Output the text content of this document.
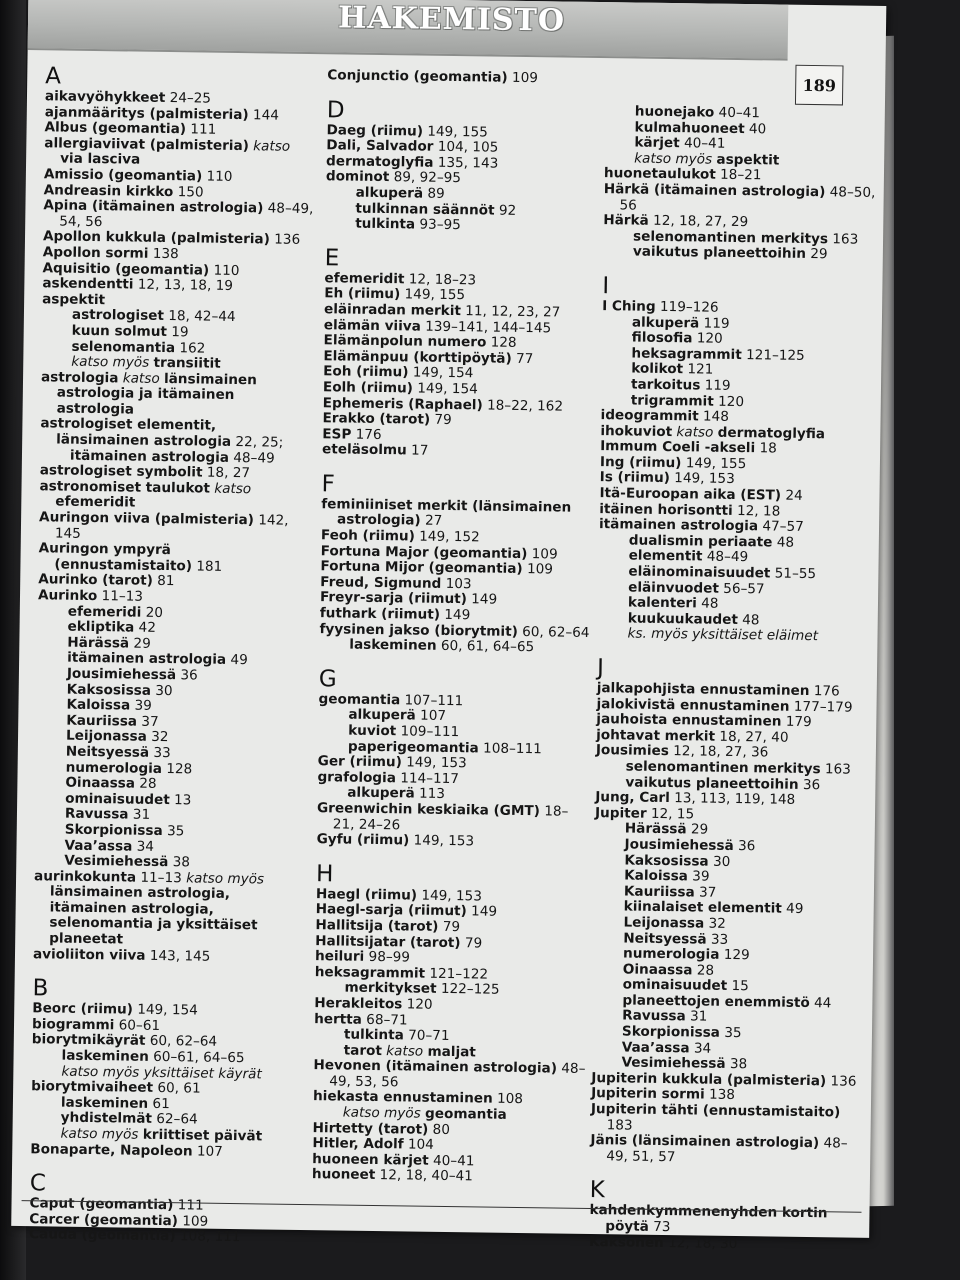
HAKEMISTO
189
A
aikavyöhykkeet 24–25
ajanmääritys (palmisteria) 144
Albus (geomantia) 111
allergiaviivat (palmisteria) katso via lasciva
Amissio (geomantia) 110
Andreasin kirkko 150
Apina (itämainen astrologia) 48–49, 54, 56
Apollon kukkula (palmisteria) 136
Apollon sormi 138
Aquisitio (geomantia) 110
askendentti 12, 13, 18, 19
aspektit
astrologiset 18, 42–44
kuun solmut 19
selenomantia 162
katso myös transiitit
astrologia katso länsimainen astrologia ja itämainen astrologia
astrologiset elementit, länsimainen astrologia 22, 25;
itämainen astrologia 48–49
astrologiset symbolit 18, 27
astronomiset taulukot katso efemeridit
Auringon viiva (palmisteria) 142, 145
Auringon ympyrä (ennustamistaito) 181
Aurinko (tarot) 81
Aurinko 11–13
efemeridi 20
ekliptika 42
Härässä 29
itämainen astrologia 49
Jousimiehessä 36
Kaksosissa 30
Kaloissa 39
Kauriissa 37
Leijonassa 32
Neitsyessä 33
numerologia 128
Oinaassa 28
ominaisuudet 13
Ravussa 31
Skorpionissa 35
Vaa’assa 34
Vesimiehessä 38
aurinkokunta 11–13 katso myös länsimainen astrologia, itämainen astrologia, selenomantia ja yksittäiset planeetat
avioliiton viiva 143, 145
B
Beorc (riimu) 149, 154
biogrammi 60–61
biorytmikäyrät 60, 62–64
laskeminen 60–61, 64–65
katso myös yksittäiset käyrät
biorytmivaiheet 60, 61
laskeminen 61
yhdistelmät 62–64
katso myös kriittiset päivät
Bonaparte, Napoleon 107
C
Caput (geomantia) 111
Carcer (geomantia) 109
Cauda (geomantia) 108, 111
Conjunctio (geomantia) 109
D
Daeg (riimu) 149, 155
Dali, Salvador 104, 105
dermatoglyfia 135, 143
dominot 89, 92–95
alkuperä 89
tulkinnan säännöt 92
tulkinta 93–95
E
efemeridit 12, 18–23
Eh (riimu) 149, 155
eläinradan merkit 11, 12, 23, 27
elämän viiva 139–141, 144–145
Elämänpolun numero 128
Elämänpuu (korttipöytä) 77
Eoh (riimu) 149, 154
Eolh (riimu) 149, 154
Ephemeris (Raphael) 18–22, 162
Erakko (tarot) 79
ESP 176
eteläsolmu 17
F
feminiiniset merkit (länsimainen astrologia) 27
Feoh (riimu) 149, 152
Fortuna Major (geomantia) 109
Fortuna Mijor (geomantia) 109
Freud, Sigmund 103
Freyr-sarja (riimut) 149
futhark (riimut) 149
fyysinen jakso (biorytmit) 60, 62–64
laskeminen 60, 61, 64–65
G
geomantia 107–111
alkuperä 107
kuviot 109–111
paperigeomantia 108–111
Ger (riimu) 149, 153
grafologia 114–117
alkuperä 113
Greenwichin keskiaika (GMT) 18–21, 24–26
Gyfu (riimu) 149, 153
H
Haegl (riimu) 149, 153
Haegl-sarja (riimut) 149
Hallitsija (tarot) 79
Hallitsijatar (tarot) 79
heiluri 98–99
heksagrammit 121–122
merkitykset 122–125
Herakleitos 120
hertta 68–71
tulkinta 70–71
tarot katso maljat
Hevonen (itämainen astrologia) 48–49, 53, 56
hiekasta ennustaminen 108
katso myös geomantia
Hirtetty (tarot) 80
Hitler, Adolf 104
huoneen kärjet 40–41
huoneet 12, 18, 40–41
huonejako 40–41
kulmahuoneet 40
kärjet 40–41
katso myös aspektit
huonetaulukot 18–21
Härkä (itämainen astrologia) 48–50, 56
Härkä 12, 18, 27, 29
selenomantinen merkitys 163
vaikutus planeettoihin 29
I
I Ching 119–126
alkuperä 119
filosofia 120
heksagrammit 121–125
kolikot 121
tarkoitus 119
trigrammit 120
ideogrammit 148
ihokuviot katso dermatoglyfia
Immum Coeli -akseli 18
Ing (riimu) 149, 155
Is (riimu) 149, 153
Itä-Euroopan aika (EST) 24
itäinen horisontti 12, 18
itämainen astrologia 47–57
dualismin periaate 48
elementit 48–49
eläinominaisuudet 51–55
eläinvuodet 56–57
kalenteri 48
kuukuukaudet 48
ks. myös yksittäiset eläimet
J
jalkapohjista ennustaminen 176
jalokivistä ennustaminen 177–179
jauhoista ennustaminen 179
johtavat merkit 18, 27, 40
Jousimies 12, 18, 27, 36
selenomantinen merkitys 163
vaikutus planeettoihin 36
Jung, Carl 13, 113, 119, 148
Jupiter 12, 15
Härässä 29
Jousimiehessä 36
Kaksosissa 30
Kaloissa 39
Kauriissa 37
kiinalaiset elementit 49
Leijonassa 32
Neitsyessä 33
numerologia 129
Oinaassa 28
ominaisuudet 15
planeettojen enemmistö 44
Ravussa 31
Skorpionissa 35
Vaa’assa 34
Vesimiehessä 38
Jupiterin kukkula (palmisteria) 136
Jupiterin sormi 138
Jupiterin tähti (ennustamistaito) 183
Jänis (länsimainen astrologia) 48–49, 51, 57
K
kahdenkymmenenyhden kortin pöytä 73
Kaksonen 12, 18, 30
